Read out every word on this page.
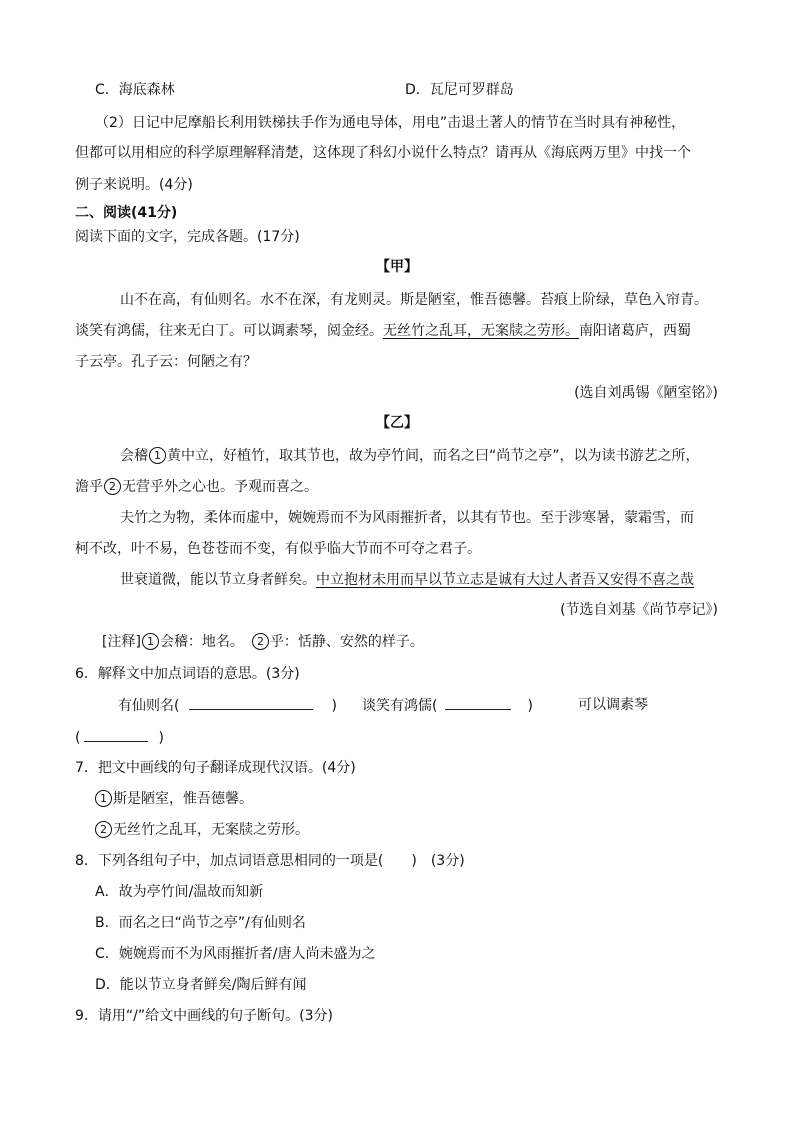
C．海底森林	D．瓦尼可罗群岛
（2）日记中尼摩船长利用铁梯扶手作为通电导体，用电”击退土著人的情节在当时具有神秘性，
但都可以用相应的科学原理解释清楚，这体现了科幻小说什么特点？请再从《海底两万里》中找一个
例子来说明。(4分)
二、阅读(41分)
阅读下面的文字，完成各题。(17分)
【甲】
山不在高，有仙则名。水不在深，有龙则灵。斯是陋室，惟吾德馨。苔痕上阶绿，草色入帘青。
谈笑有鸿儒，往来无白丁。可以调素琴，阅金经。无丝竹之乱耳，无案牍之劳形。南阳诸葛庐，西蜀
子云亭。孔子云：何陋之有？
(选自刘禹锡《陋室铭》)
【乙】
会稽 1 黄中立，好植竹，取其节也，故为亭竹间，而名之曰“尚节之亭”，以为读书游艺之所，
澹乎 2 无营乎外之心也。予观而喜之。
夫竹之为物，柔体而虚中，婉婉焉而不为风雨摧折者，以其有节也。至于涉寒暑，蒙霜雪，而
柯不改，叶不易，色苍苍而不变，有似乎临大节而不可夺之君子。
世衰道微，能以节立身者鲜矣。中立抱材未用而早以节立志是诚有大过人者吾又安得不喜之哉
(节选自刘基《尚节亭记》)
[注释] 1 会稽：地名。　 2 乎：恬静、安然的样子。
6．解释文中加点词语的意思。(3分)
有仙则名(	) 谈笑有鸿儒(	)	可以调素琴
(	)
7．把文中画线的句子翻译成现代汉语。(4分)
1 斯是陋室，惟吾德馨。
2 无丝竹之乱耳，无案牍之劳形。
8．下列各组句子中，加点词语意思相同的一项是(　　)　(3分)
A．故为亭竹间/温故而知新
B．而名之曰“尚节之亭”/有仙则名
C．婉婉焉而不为风雨摧折者/唐人尚未盛为之
D．能以节立身者鲜矣/陶后鲜有闻
9．请用“/”给文中画线的句子断句。(3分)
